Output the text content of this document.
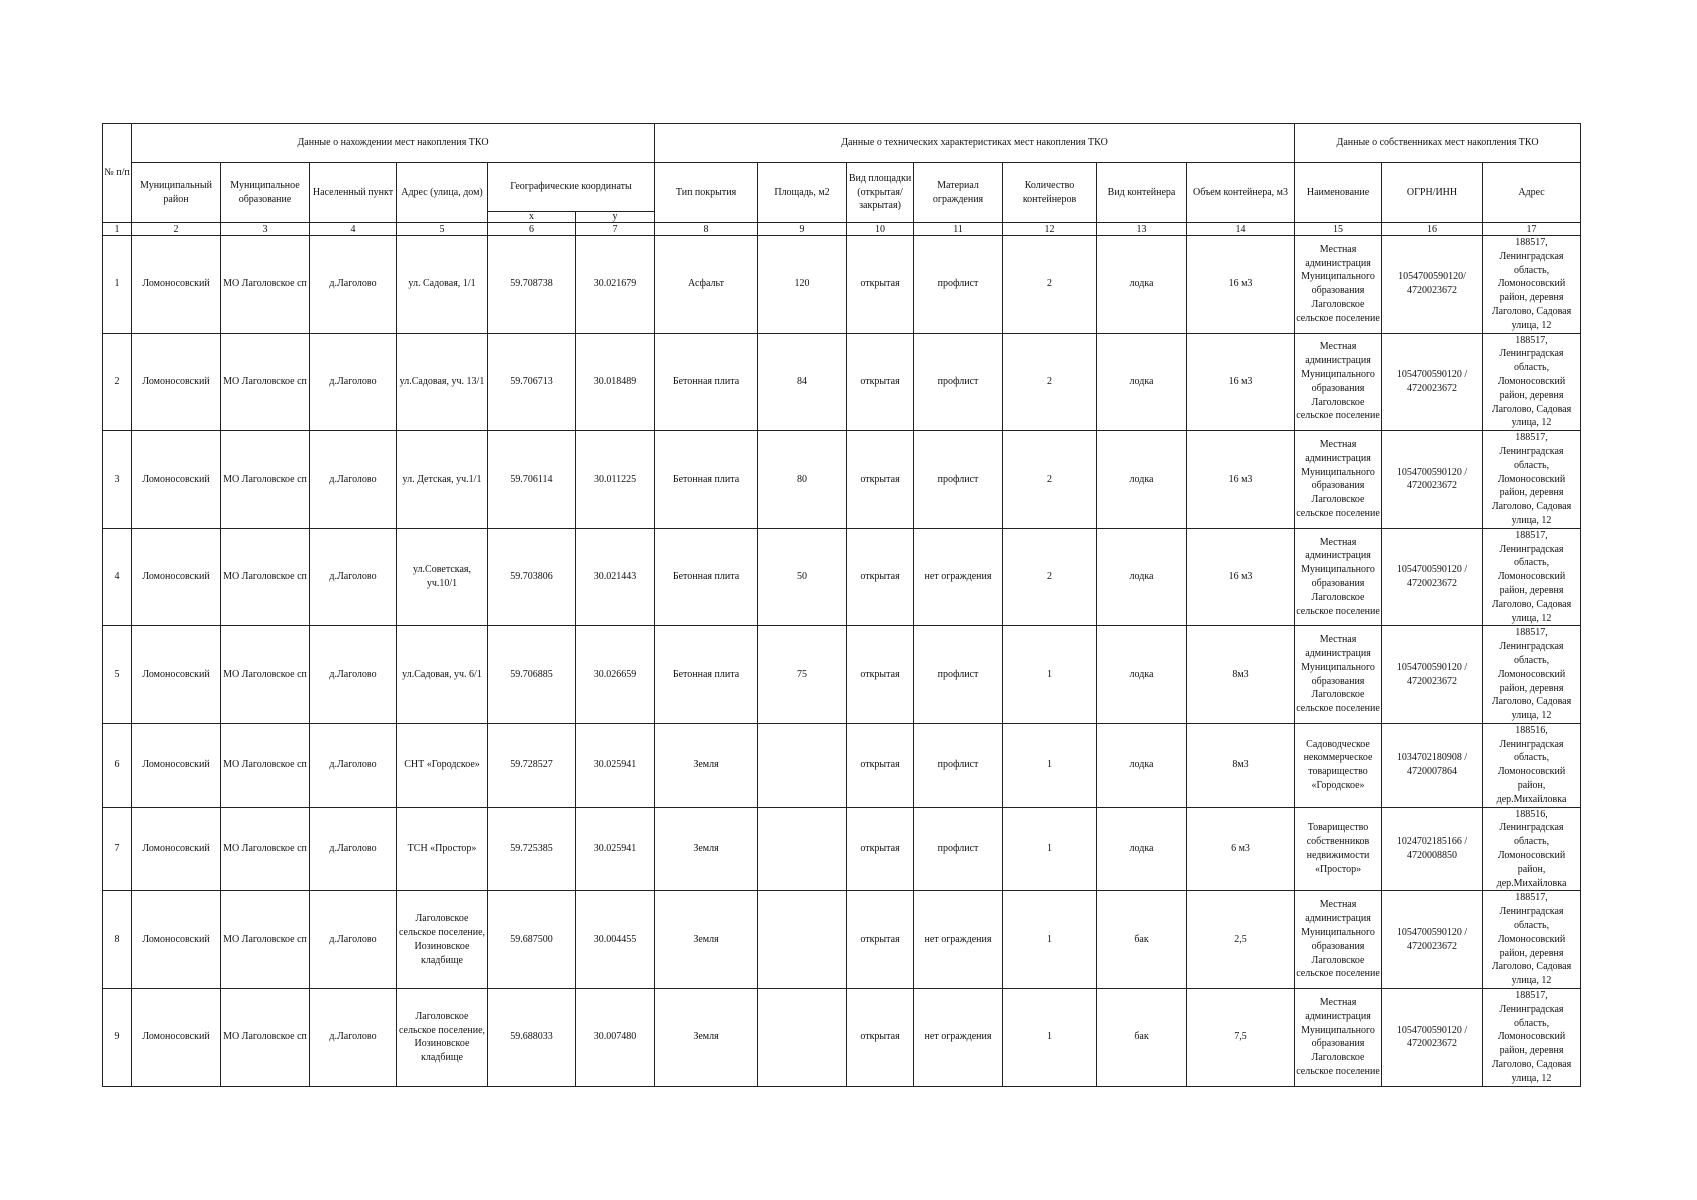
№ п/п	Данные о нахождении мест накопления ТКО						Данные о технических характеристиках мест накопления ТКО							Данные о собственниках мест накопления ТКО		
	Муниципальный район	Муниципальное образование	Населенный пункт	Адрес (улица, дом)	Географические координаты		Тип покрытия	Площадь, м2	Вид площадки (открытая/закрытая)	Материал ограждения	Количество контейнеров	Вид контейнера	Объем контейнера, м3	Наименование	ОГРН/ИНН	Адрес
					x	y										
1	2	3	4	5	6	7	8	9	10	11	12	13	14	15	16	17
1	Ломоносовский	МО Лаголовское сп	д.Лаголово	ул. Садовая, 1/1	59.708738	30.021679	Асфальт	120	открытая	профлист	2	лодка	16 м3	Местная администрация Муниципального образования Лаголовское сельское поселение	1054700590120/ 4720023672	188517, Ленинградская область, Ломоносовский район, деревня Лаголово, Садовая улица, 12
2	Ломоносовский	МО Лаголовское сп	д.Лаголово	ул.Садовая, уч. 13/1	59.706713	30.018489	Бетонная плита	84	открытая	профлист	2	лодка	16 м3	Местная администрация Муниципального образования Лаголовское сельское поселение	1054700590120 / 4720023672	188517, Ленинградская область, Ломоносовский район, деревня Лаголово, Садовая улица, 12
3	Ломоносовский	МО Лаголовское сп	д.Лаголово	ул. Детская, уч.1/1	59.706114	30.011225	Бетонная плита	80	открытая	профлист	2	лодка	16 м3	Местная администрация Муниципального образования Лаголовское сельское поселение	1054700590120 / 4720023672	188517, Ленинградская область, Ломоносовский район, деревня Лаголово, Садовая улица, 12
4	Ломоносовский	МО Лаголовское сп	д.Лаголово	ул.Советская, уч.10/1	59.703806	30.021443	Бетонная плита	50	открытая	нет ограждения	2	лодка	16 м3	Местная администрация Муниципального образования Лаголовское сельское поселение	1054700590120 / 4720023672	188517, Ленинградская область, Ломоносовский район, деревня Лаголово, Садовая улица, 12
5	Ломоносовский	МО Лаголовское сп	д.Лаголово	ул.Садовая, уч. 6/1	59.706885	30.026659	Бетонная плита	75	открытая	профлист	1	лодка	8м3	Местная администрация Муниципального образования Лаголовское сельское поселение	1054700590120 / 4720023672	188517, Ленинградская область, Ломоносовский район, деревня Лаголово, Садовая улица, 12
6	Ломоносовский	МО Лаголовское сп	д.Лаголово	СНТ «Городское»	59.728527	30.025941	Земля		открытая	профлист	1	лодка	8м3	Садоводческое некоммерческое товарищество «Городское»	1034702180908 / 4720007864	188516, Ленинградская область, Ломоносовский район, дер.Михайловка
7	Ломоносовский	МО Лаголовское сп	д.Лаголово	ТСН «Простор»	59.725385	30.025941	Земля		открытая	профлист	1	лодка	6 м3	Товарищество собственников недвижимости «Простор»	1024702185166 / 4720008850	188516, Ленинградская область, Ломоносовский район, дер.Михайловка
8	Ломоносовский	МО Лаголовское сп	д.Лаголово	Лаголовское сельское поселение, Иозиновское кладбище	59.687500	30.004455	Земля		открытая	нет ограждения	1	бак	2,5	Местная администрация Муниципального образования Лаголовское сельское поселение	1054700590120 / 4720023672	188517, Ленинградская область, Ломоносовский район, деревня Лаголово, Садовая улица, 12
9	Ломоносовский	МО Лаголовское сп	д.Лаголово	Лаголовское сельское поселение, Иозиновское кладбище	59.688033	30.007480	Земля		открытая	нет ограждения	1	бак	7,5	Местная администрация Муниципального образования Лаголовское сельское поселение	1054700590120 / 4720023672	188517, Ленинградская область, Ломоносовский район, деревня Лаголово, Садовая улица, 12
